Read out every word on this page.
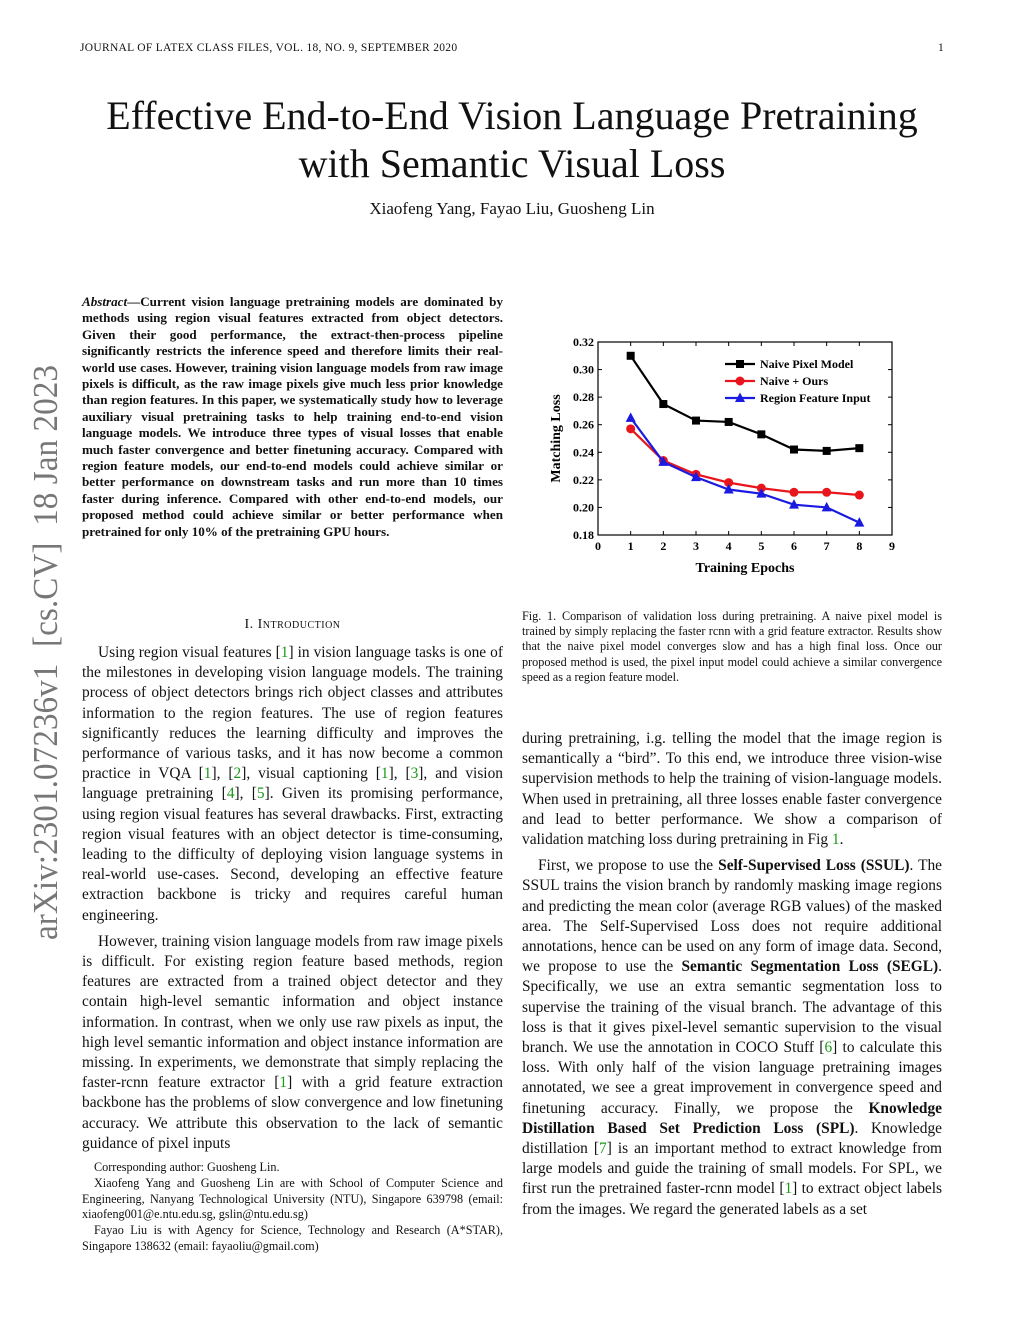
JOURNAL OF LATEX CLASS FILES, VOL. 18, NO. 9, SEPTEMBER 2020	1
Effective End-to-End Vision Language Pretraining
with Semantic Visual Loss
Xiaofeng Yang, Fayao Liu, Guosheng Lin
arXiv:2301.07236v1  [cs.CV]  18 Jan 2023
Abstract—Current vision language pretraining models are dominated by methods using region visual features extracted from object detectors. Given their good performance, the extract-then-process pipeline significantly restricts the inference speed and therefore limits their real-world use cases. However, training vision language models from raw image pixels is difficult, as the raw image pixels give much less prior knowledge than region features. In this paper, we systematically study how to leverage auxiliary visual pretraining tasks to help training end-to-end vision language models. We introduce three types of visual losses that enable much faster convergence and better finetuning accuracy. Compared with region feature models, our end-to-end models could achieve similar or better performance on downstream tasks and run more than 10 times faster during inference. Compared with other end-to-end models, our proposed method could achieve similar or better performance when pretrained for only 10% of the pretraining GPU hours.
I. Introduction

Using region visual features [1] in vision language tasks is one of the milestones in developing vision language models. The training process of object detectors brings rich object classes and attributes information to the region features. The use of region features significantly reduces the learning difficulty and improves the performance of various tasks, and it has now become a common practice in VQA [1], [2], visual captioning [1], [3], and vision language pretraining [4], [5]. Given its promising performance, using region visual features has several drawbacks. First, extracting region visual features with an object detector is time-consuming, leading to the difficulty of deploying vision language systems in real-world use-cases. Second, developing an effective feature extraction backbone is tricky and requires careful human engineering.

However, training vision language models from raw image pixels is difficult. For existing region feature based methods, region features are extracted from a trained object detector and they contain high-level semantic information and object instance information. In contrast, when we only use raw pixels as input, the high level semantic information and object instance information are missing. In experiments, we demonstrate that simply replacing the faster-rcnn feature extractor [1] with a grid feature extraction backbone has the problems of slow convergence and low finetuning accuracy. We attribute this observation to the lack of semantic guidance of pixel inputs

Corresponding author: Guosheng Lin.

Xiaofeng Yang and Guosheng Lin are with School of Computer Science and Engineering, Nanyang Technological University (NTU), Singapore 639798 (email: xiaofeng001@e.ntu.edu.sg, gslin@ntu.edu.sg)

Fayao Liu is with Agency for Science, Technology and Research (A*STAR), Singapore 138632 (email: fayaoliu@gmail.com)

0 1 2 3 4 5 6 7 8 9
0.18
0.20
0.22
0.24
0.26
0.28
0.30
0.32
Training Epochs
Matching Loss
Naive Pixel Model
Naive + Ours
Region Feature Input
Fig. 1. Comparison of validation loss during pretraining. A naive pixel model is trained by simply replacing the faster rcnn with a grid feature extractor. Results show that the naive pixel model converges slow and has a high final loss. Once our proposed method is used, the pixel input model could achieve a similar convergence speed as a region feature model.

during pretraining, i.g. telling the model that the image region is semantically a “bird”. To this end, we introduce three vision-wise supervision methods to help the training of vision-language models. When used in pretraining, all three losses enable faster convergence and lead to better performance. We show a comparison of validation matching loss during pretraining in Fig 1.

First, we propose to use the Self-Supervised Loss (SSUL). The SSUL trains the vision branch by randomly masking image regions and predicting the mean color (average RGB values) of the masked area. The Self-Supervised Loss does not require additional annotations, hence can be used on any form of image data. Second, we propose to use the Semantic Segmentation Loss (SEGL). Specifically, we use an extra semantic segmentation loss to supervise the training of the visual branch. The advantage of this loss is that it gives pixel-level semantic supervision to the visual branch. We use the annotation in COCO Stuff [6] to calculate this loss. With only half of the vision language pretraining images annotated, we see a great improvement in convergence speed and finetuning accuracy. Finally, we propose the Knowledge Distillation Based Set Prediction Loss (SPL). Knowledge distillation [7] is an important method to extract knowledge from large models and guide the training of small models. For SPL, we first run the pretrained faster-rcnn model [1] to extract object labels from the images. We regard the generated labels as a set
